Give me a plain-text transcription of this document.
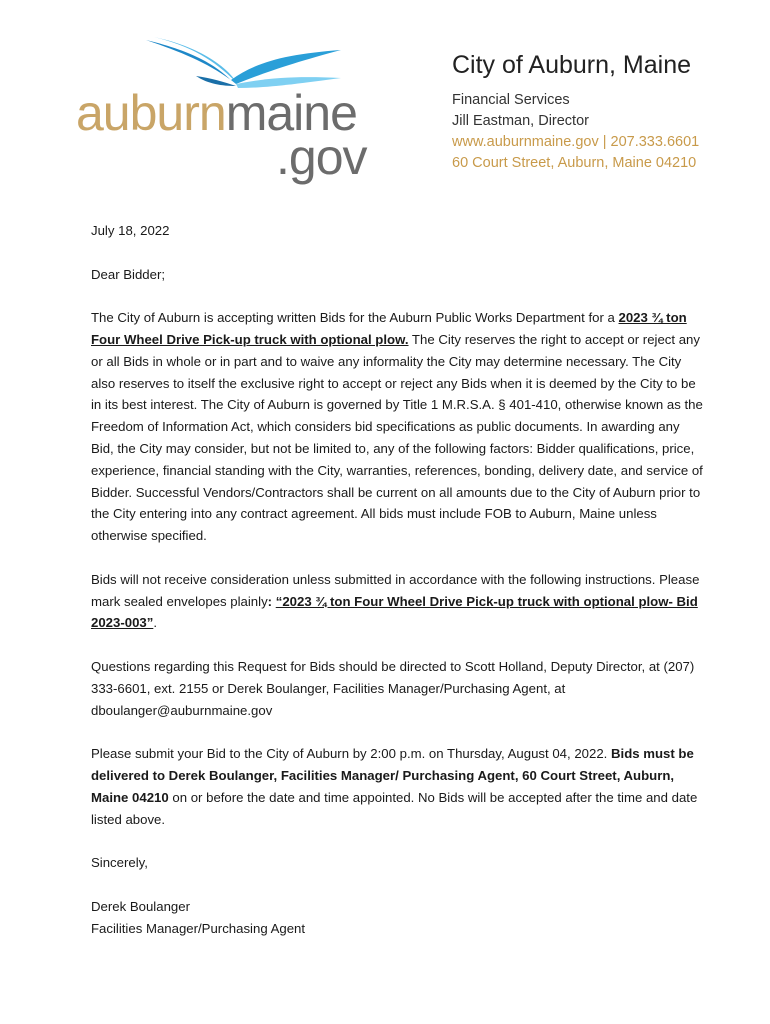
auburnmaine
.gov
City of Auburn, Maine
Financial Services
Jill Eastman, Director
www.auburnmaine.gov | 207.333.6601
60 Court Street, Auburn, Maine 04210

July 18, 2022

Dear Bidder;

The City of Auburn is accepting written Bids for the Auburn Public Works Department for a 2023 ¾ ton Four Wheel Drive Pick-up truck with optional plow. The City reserves the right to accept or reject any or all Bids in whole or in part and to waive any informality the City may determine necessary. The City also reserves to itself the exclusive right to accept or reject any Bids when it is deemed by the City to be in its best interest. The City of Auburn is governed by Title 1 M.R.S.A. § 401-410, otherwise known as the Freedom of Information Act, which considers bid specifications as public documents. In awarding any Bid, the City may consider, but not be limited to, any of the following factors: Bidder qualifications, price, experience, financial standing with the City, warranties, references, bonding, delivery date, and service of Bidder. Successful Vendors/Contractors shall be current on all amounts due to the City of Auburn prior to the City entering into any contract agreement. All bids must include FOB to Auburn, Maine unless otherwise specified.

Bids will not receive consideration unless submitted in accordance with the following instructions. Please mark sealed envelopes plainly: “2023 ¾ ton Four Wheel Drive Pick-up truck with optional plow- Bid 2023-003”.

Questions regarding this Request for Bids should be directed to Scott Holland, Deputy Director, at (207) 333-6601, ext. 2155 or Derek Boulanger, Facilities Manager/Purchasing Agent, at dboulanger@auburnmaine.gov

Please submit your Bid to the City of Auburn by 2:00 p.m. on Thursday, August 04, 2022. Bids must be delivered to Derek Boulanger, Facilities Manager/ Purchasing Agent, 60 Court Street, Auburn, Maine 04210 on or before the date and time appointed. No Bids will be accepted after the time and date listed above.

Sincerely,

Derek Boulanger

Facilities Manager/Purchasing Agent
